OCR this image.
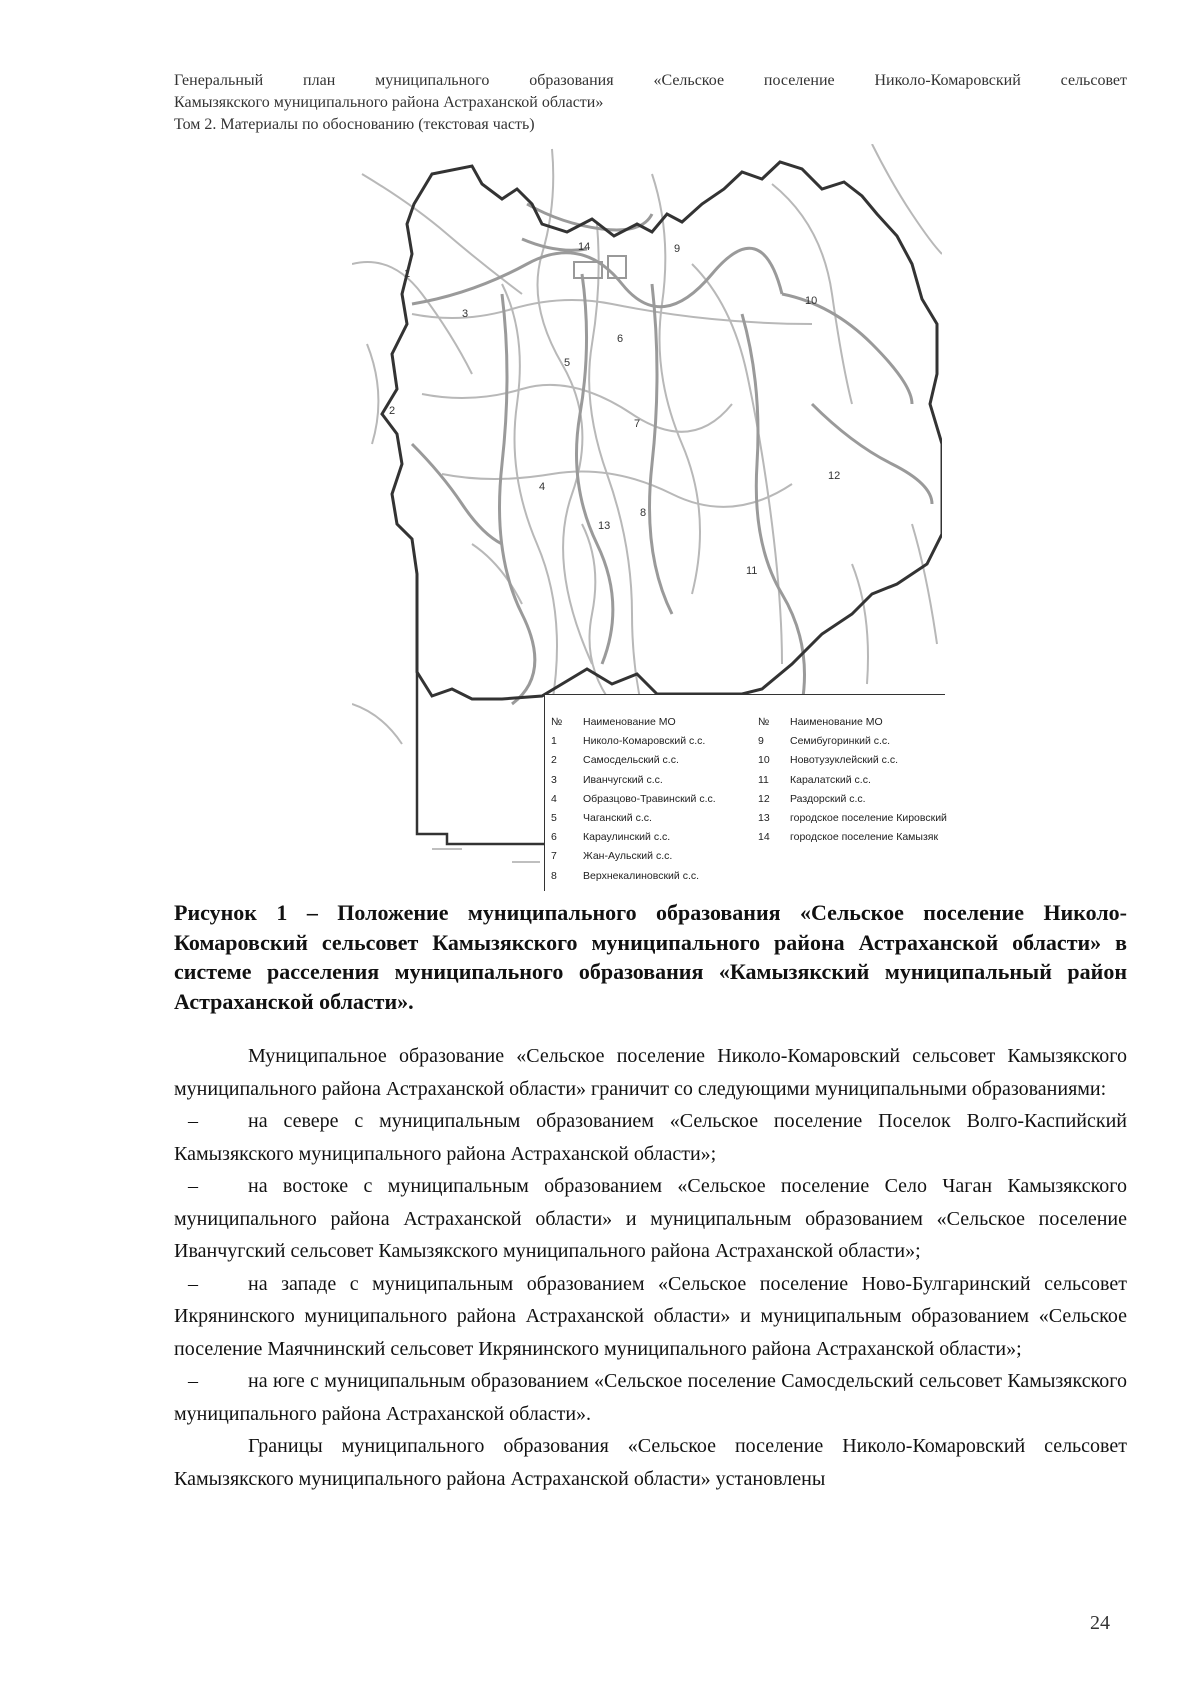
Генеральный план муниципального образования «Сельское поселение Николо-Комаровский сельсовет
Камызякского муниципального района Астраханской области»
Том 2. Материалы по обоснованию (текстовая часть)
1
2
3
4
5
6
7
8
9
10
11
12
13
14
№	Наименование МО
1	Николо-Комаровский с.с.
2	Самосдельский с.с.
3	Иванчугский с.с.
4	Образцово-Травинский с.с.
5	Чаганский с.с.
6	Караулинский с.с.
7	Жан-Аульский с.с.
8	Верхнекалиновский с.с.
№	Наименование МО
9	Семибугоринкий с.с.
10	Новотузуклейский с.с.
11	Каралатский с.с.
12	Раздорский с.с.
13	городское поселение Кировский
14	городское поселение Камызяк
Рисунок 1 – Положение муниципального образования «Сельское поселение Николо-Комаровский сельсовет Камызякского муниципального района Астраханской области» в системе расселения муниципального образования «Камызякский муниципальный район Астраханской области».

Муниципальное образование «Сельское поселение Николо-Комаровский сельсовет Камызякского муниципального района Астраханской области» граничит со следующими муниципальными образованиями:

–	на севере с муниципальным образованием «Сельское поселение Поселок Волго-Каспийский Камызякского муниципального района Астраханской области»;

–	на востоке с муниципальным образованием «Сельское поселение Село Чаган Камызякского муниципального района Астраханской области» и муниципальным образованием «Сельское поселение Иванчугский сельсовет Камызякского муниципального района Астраханской области»;

–	на западе с муниципальным образованием «Сельское поселение Ново-Булгаринский сельсовет Икрянинского муниципального района Астраханской области» и муниципальным образованием «Сельское поселение Маячнинский сельсовет Икрянинского муниципального района Астраханской области»;

–	на юге с муниципальным образованием «Сельское поселение Самосдельский сельсовет Камызякского муниципального района Астраханской области».

Границы муниципального образования «Сельское поселение Николо-Комаровский сельсовет Камызякского муниципального района Астраханской области» установлены

24
